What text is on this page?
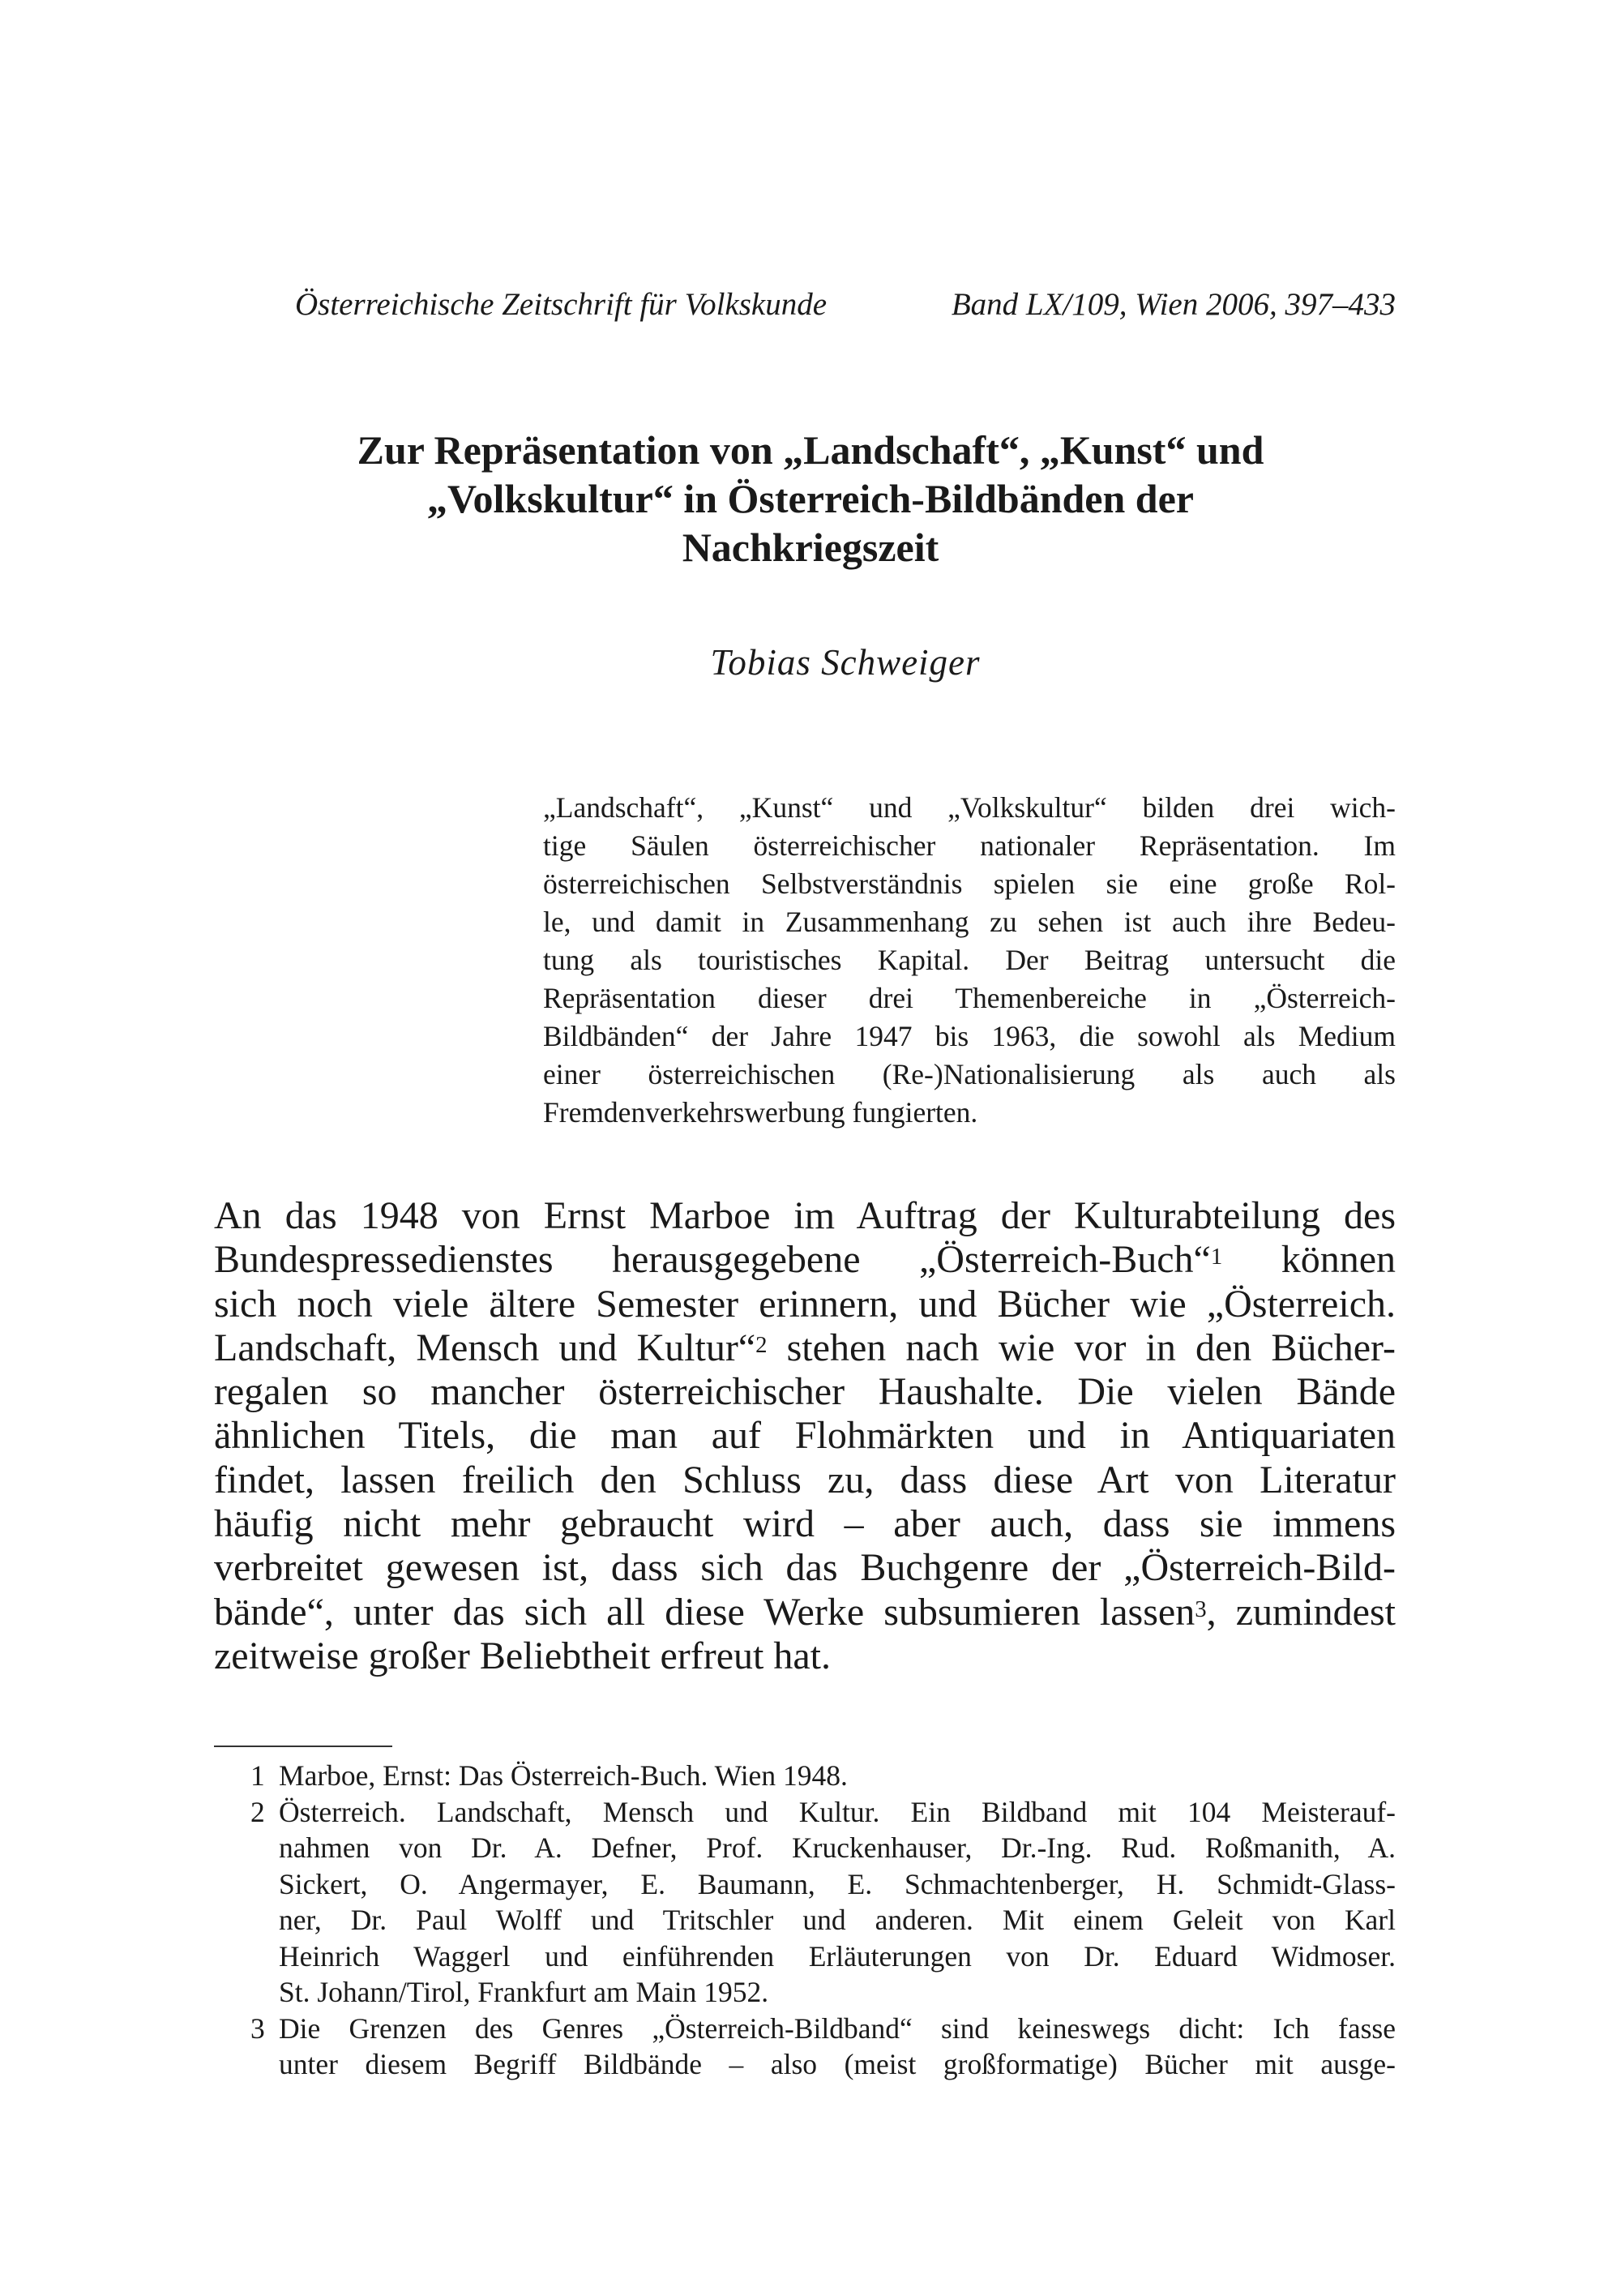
Österreichische Zeitschrift für Volkskunde	Band LX/109, Wien 2006, 397–433
Zur Repräsentation von „Landschaft“, „Kunst“ und
„Volkskultur“ in Österreich-Bildbänden der
Nachkriegszeit
Tobias Schweiger
„Landschaft“, „Kunst“ und „Volkskultur“ bilden drei wich-
tige Säulen österreichischer nationaler Repräsentation. Im
österreichischen Selbstverständnis spielen sie eine große Rol-
le, und damit in Zusammenhang zu sehen ist auch ihre Bedeu-
tung als touristisches Kapital. Der Beitrag untersucht die
Repräsentation dieser drei Themenbereiche in „Österreich-
Bildbänden“ der Jahre 1947 bis 1963, die sowohl als Medium
einer österreichischen (Re-)Nationalisierung als auch als
Fremdenverkehrswerbung fungierten.
An das 1948 von Ernst Marboe im Auftrag der Kulturabteilung des
Bundespressedienstes herausgegebene „Österreich-Buch“$^1$ können
sich noch viele ältere Semester erinnern, und Bücher wie „Österreich.
Landschaft, Mensch und Kultur“$^2$ stehen nach wie vor in den Bücher-
regalen so mancher österreichischer Haushalte. Die vielen Bände
ähnlichen Titels, die man auf Flohmärkten und in Antiquariaten
findet, lassen freilich den Schluss zu, dass diese Art von Literatur
häufig nicht mehr gebraucht wird – aber auch, dass sie immens
verbreitet gewesen ist, dass sich das Buchgenre der „Österreich-Bild-
bände“, unter das sich all diese Werke subsumieren lassen$^3$, zumindest
zeitweise großer Beliebtheit erfreut hat.
1 Marboe, Ernst: Das Österreich-Buch. Wien 1948.
2 Österreich. Landschaft, Mensch und Kultur. Ein Bildband mit 104 Meisterauf-
nahmen von Dr. A. Defner, Prof. Kruckenhauser, Dr.-Ing. Rud. Roßmanith, A.
Sickert, O. Angermayer, E. Baumann, E. Schmachtenberger, H. Schmidt-Glass-
ner, Dr. Paul Wolff und Tritschler und anderen. Mit einem Geleit von Karl
Heinrich Waggerl und einführenden Erläuterungen von Dr. Eduard Widmoser.
St. Johann/Tirol, Frankfurt am Main 1952.
3 Die Grenzen des Genres „Österreich-Bildband“ sind keineswegs dicht: Ich fasse
unter diesem Begriff Bildbände – also (meist großformatige) Bücher mit ausge-
